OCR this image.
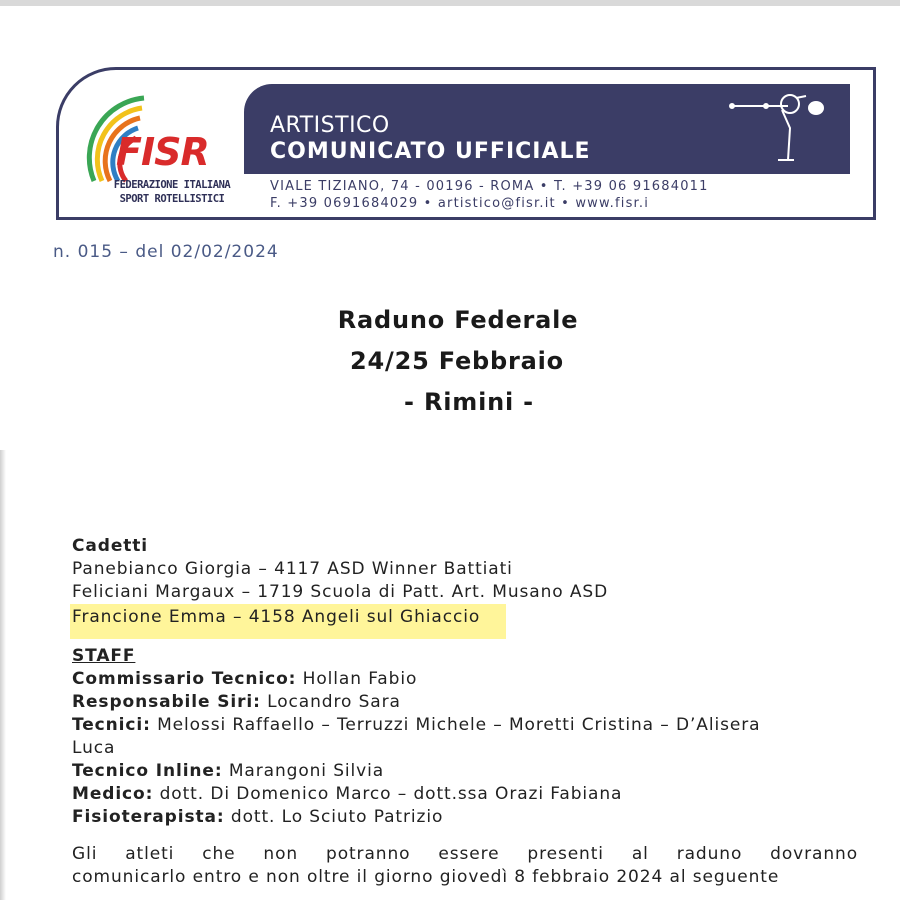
FISR
FEDERAZIONE ITALIANA
SPORT ROTELLISTICI
ARTISTICO
COMUNICATO UFFICIALE
VIALE TIZIANO, 74 - 00196 - ROMA • T. +39 06 91684011
F. +39 0691684029 • artistico@fisr.it • www.fisr.i
n. 015 – del 02/02/2024
Raduno Federale
24/25 Febbraio
- Rimini -
Cadetti
Panebianco Giorgia – 4117 ASD Winner Battiati
Feliciani Margaux – 1719 Scuola di Patt. Art. Musano ASD
Francione Emma – 4158 Angeli sul Ghiaccio
STAFF
Commissario Tecnico: Hollan Fabio
Responsabile Siri: Locandro Sara
Tecnici: Melossi Raffaello – Terruzzi Michele – Moretti Cristina – D’Alisera
Luca
Tecnico Inline: Marangoni Silvia
Medico: dott. Di Domenico Marco – dott.ssa Orazi Fabiana
Fisioterapista: dott. Lo Sciuto Patrizio
Gli atleti che non potranno essere presenti al raduno dovranno
comunicarlo entro e non oltre il giorno giovedì 8 febbraio 2024 al seguente
